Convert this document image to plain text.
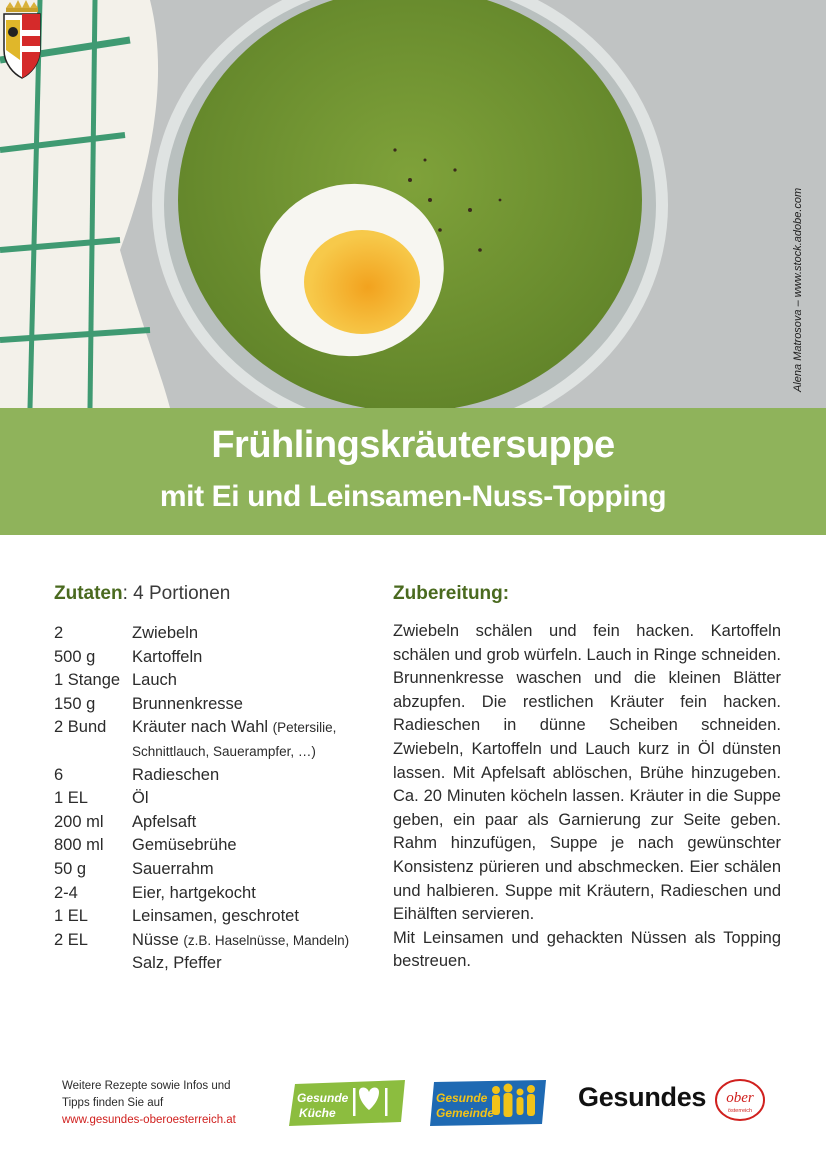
Alena Matrosova – www.stock.adobe.com
Frühlingskräutersuppe
mit Ei und Leinsamen-Nuss-Topping
Zutaten: 4 Portionen
2	Zwiebeln
500 g	Kartoffeln
1 Stange Lauch
150 g	Brunnenkresse
2 Bund	Kräuter nach Wahl (Petersilie,
Schnittlauch, Sauerampfer, …)
6	Radieschen
1 EL	Öl
200 ml	Apfelsaft
800 ml	Gemüsebrühe
50 g	Sauerrahm
2-4	Eier, hartgekocht
1 EL	Leinsamen, geschrotet
2 EL	Nüsse (z.B. Haselnüsse, Mandeln)
Salz, Pfeffer
Zubereitung:

Zwiebeln schälen und fein hacken. Kartoffeln schälen und grob würfeln. Lauch in Ringe schneiden. Brunnenkresse waschen und die kleinen Blätter abzupfen. Die restlichen Kräuter fein hacken. Radieschen in dünne Scheiben schneiden. Zwiebeln, Kartoffeln und Lauch kurz in Öl dünsten lassen. Mit Apfelsaft ablöschen, Brühe hinzugeben. Ca. 20 Minuten köcheln lassen. Kräuter in die Suppe geben, ein paar als Garnierung zur Seite geben. Rahm hinzufügen, Suppe je nach gewünschter Konsistenz pürieren und abschmecken. Eier schälen und halbieren. Suppe mit Kräutern, Radieschen und Eihälften servieren.

Mit Leinsamen und gehackten Nüssen als Topping bestreuen.

Weitere Rezepte sowie Infos und
Tipps finden Sie auf
www.gesundes-oberoesterreich.at
Gesunde
Küche
Gesunde
Gemeinde
Gesundes ober
österreich
